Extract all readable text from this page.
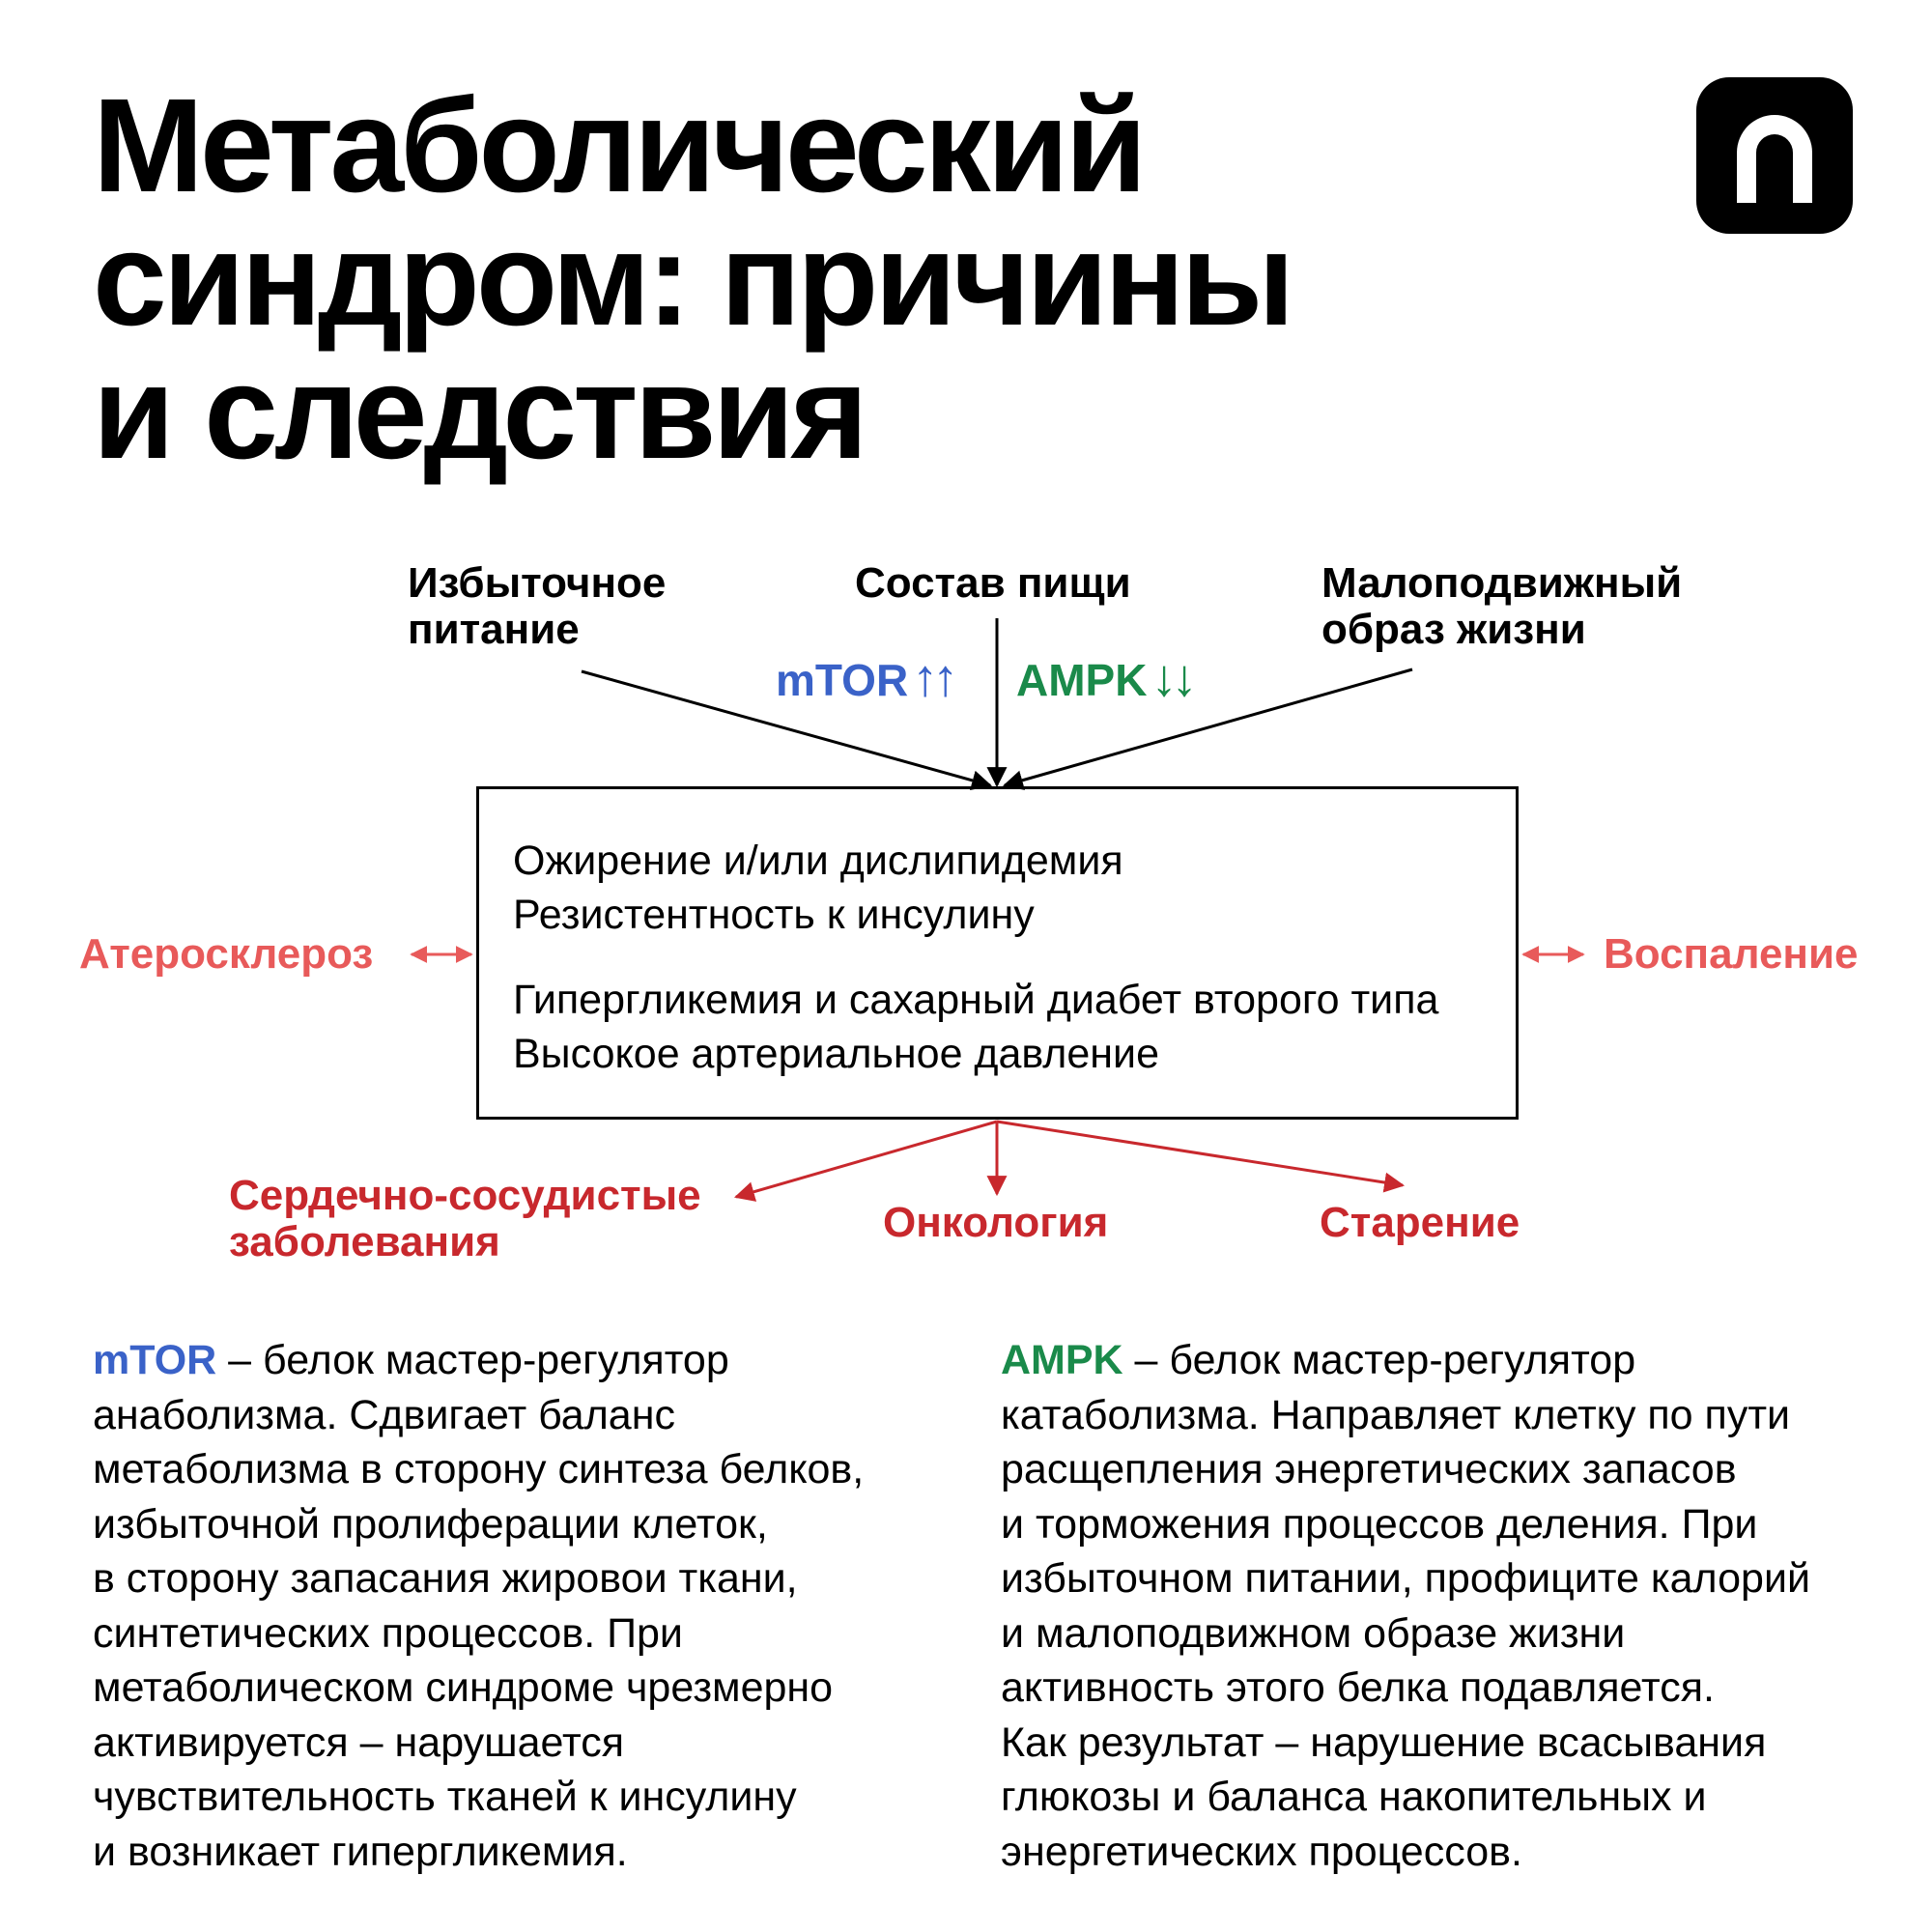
Метаболический
синдром: причины
и следствия
Избыточное
питание
Состав пищи	Малоподвижный
образ жизни
mTOR↑↑ AMPK↓↓

Ожирение и/или дислипидемия

Резистентность к инсулину

Гипергликемия и сахарный диабет второго типа

Высокое артериальное давление

Атеросклероз	Воспаление
Сердечно-сосудистые
заболевания	Онкология	Старение
mTOR – белок мастер-регулятор
анаболизма. Сдвигает баланс
метаболизма в сторону синтеза белков,
избыточной пролиферации клеток,
в сторону запасания жировои ткани,
синтетических процессов. При
метаболическом синдроме чрезмерно
активируется – нарушается
чувствительность тканей к инсулину
и возникает гипергликемия.
AMPK – белок мастер-регулятор
катаболизма. Направляет клетку по пути
расщепления энергетических запасов
и торможения процессов деления. При
избыточном питании, профиците калорий
и малоподвижном образе жизни
активность этого белка подавляется.
Как результат – нарушение всасывания
глюкозы и баланса накопительных и
энергетических процессов.
